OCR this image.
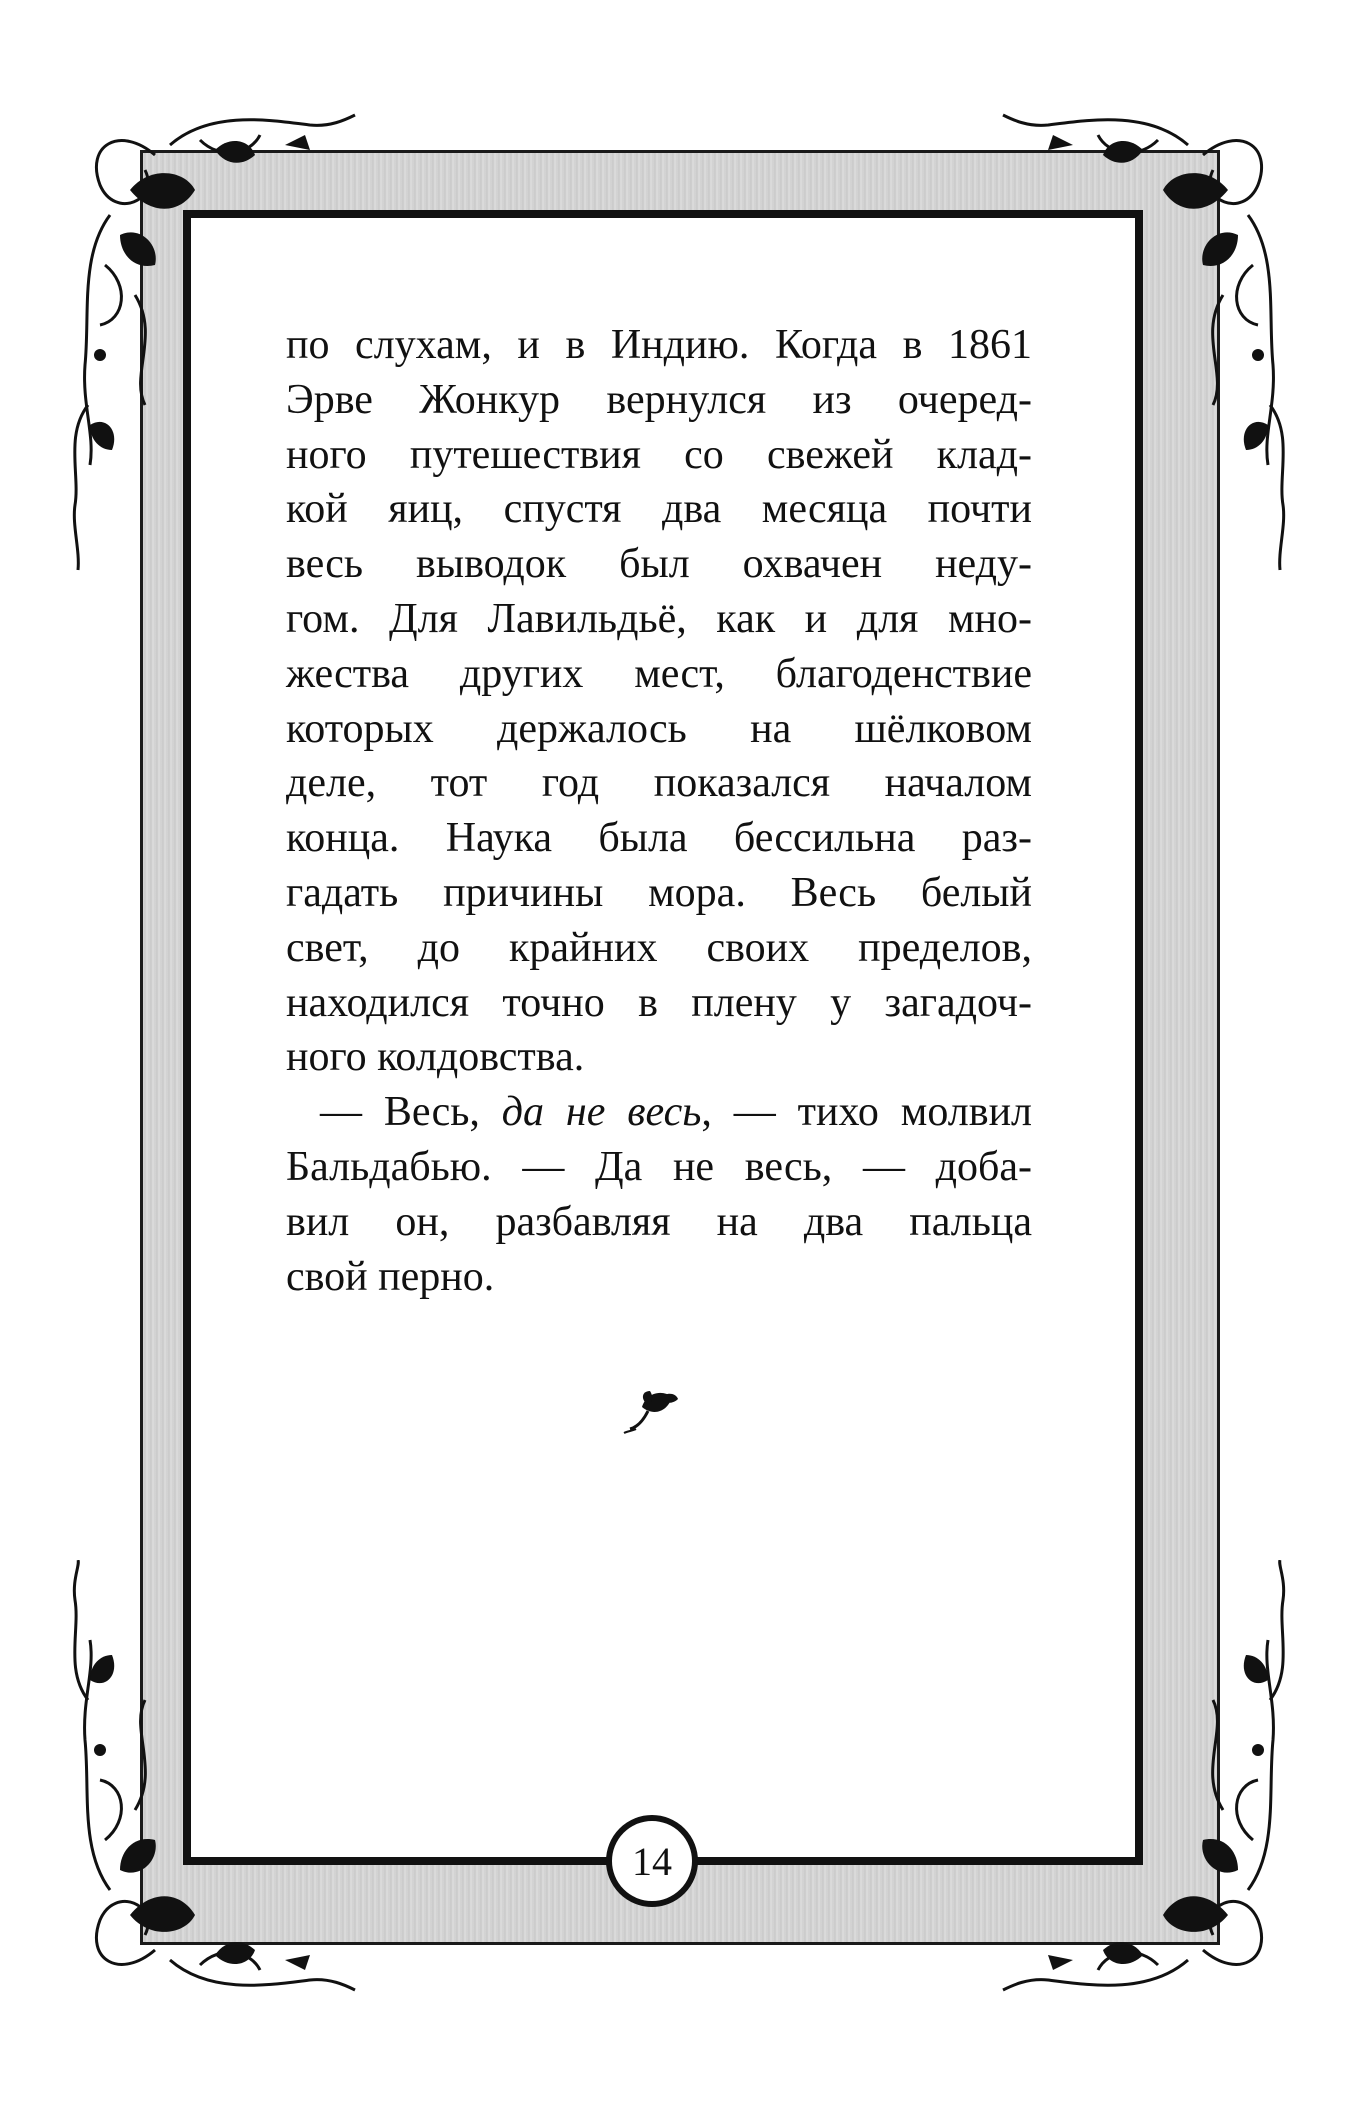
по слухам, и в Индию. Когда в 1861
Эрве Жонкур вернулся из очеред-
ного путешествия со свежей клад-
кой яиц, спустя два месяца почти
весь выводок был охвачен неду-
гом. Для Лавильдьё, как и для мно-
жества других мест, благоденствие
которых держалось на шёлковом
деле, тот год показался началом
конца. Наука была бессильна раз-
гадать причины мора. Весь белый
свет, до крайних своих пределов,
находился точно в плену у загадоч-
ного колдовства.
— Весь, да не весь, — тихо молвил
Бальдабью. — Да не весь, — доба-
вил он, разбавляя на два пальца
свой перно.
14
